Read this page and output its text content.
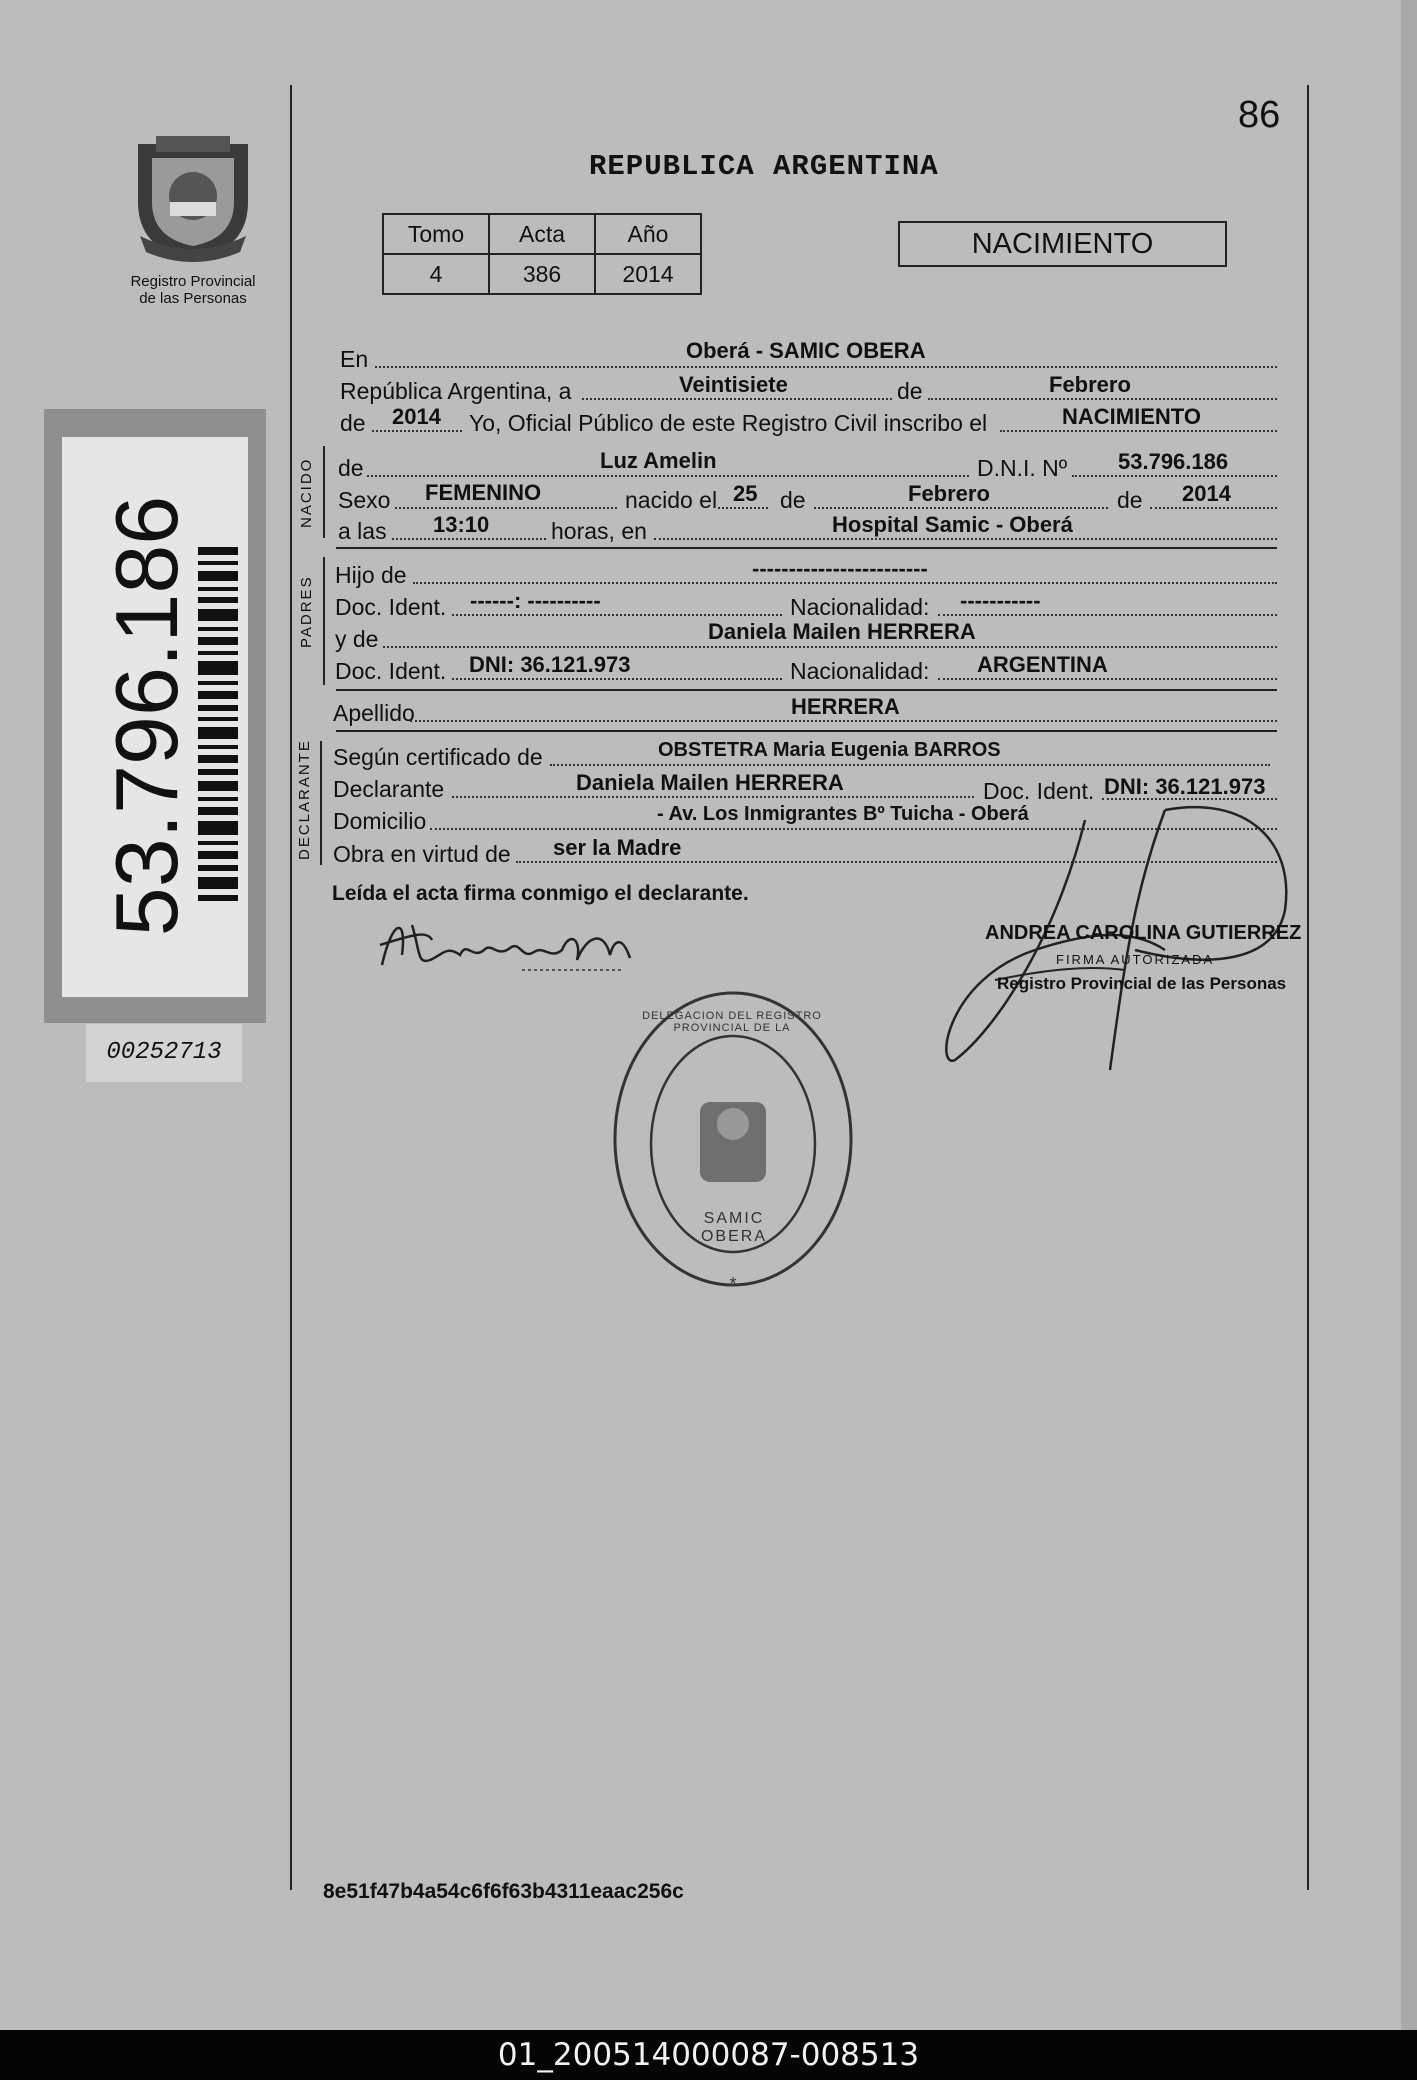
86
REPUBLICA ARGENTINA
Registro Provincial
de las Personas
Tomo	Acta	Año
4	386	2014
NACIMIENTO
En	Oberá - SAMIC OBERA
República Argentina, a	Veintisiete	de	Febrero
de 2014 Yo, Oficial Público de este Registro Civil inscribo el	NACIMIENTO
NACIDO de	Luz Amelin	D.N.I. Nº 53.796.186
Sexo FEMENINO	nacido el 25 de	Febrero	de 2014
a las 13:10	horas, en	Hospital Samic - Oberá
PADRES
Hijo de	------------------------
Doc. Ident. ------: ----------	Nacionalidad: -----------
y de	Daniela Mailen HERRERA
Doc. Ident. DNI: 36.121.973	Nacionalidad: ARGENTINA
Apellido	HERRERA
DECLARANTE Según certificado de	OBSTETRA Maria Eugenia BARROS
Declarante	Daniela Mailen HERRERA	Doc. Ident. DNI: 36.121.973
Domicilio	- Av. Los Inmigrantes Bº Tuicha - Oberá
Obra en virtud de ser la Madre
Leída el acta firma conmigo el declarante.
ANDREA CAROLINA GUTIERREZ
FIRMA AUTORIZADA
Registro Provincial de las Personas
*
DELEGACION DEL REGISTRO PROVINCIAL DE LA
SAMIC OBERA
53.796.186
00252713
8e51f47b4a54c6f6f63b4311eaac256c
01_200514000087-008513
